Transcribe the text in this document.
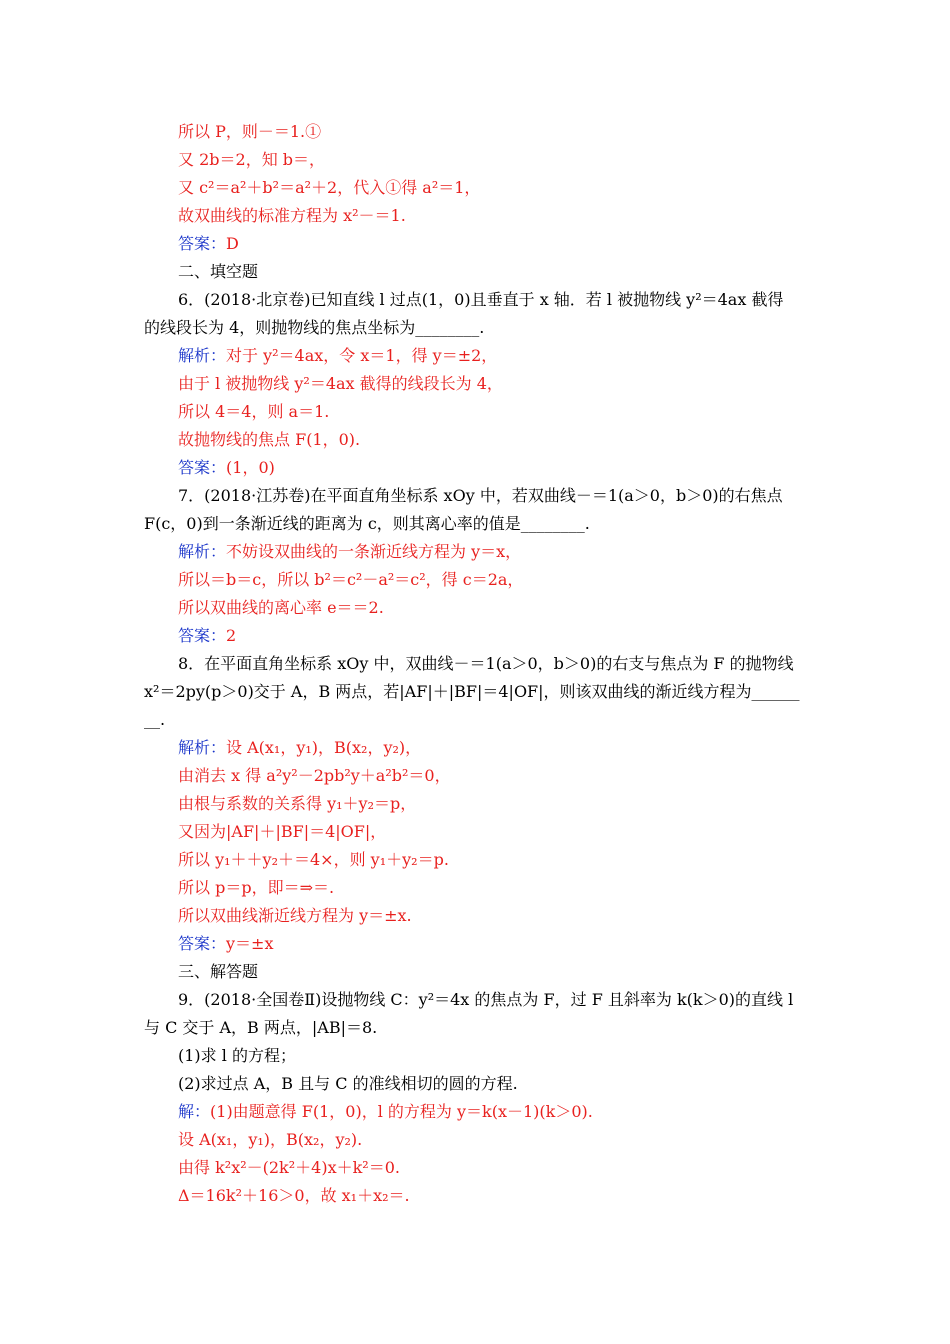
所以 P，则－＝1.①
又 2b＝2，知 b＝，
又 c²＝a²＋b²＝a²＋2，代入①得 a²＝1，
故双曲线的标准方程为 x²－＝1.
答案：D
二、填空题
6．(2018·北京卷)已知直线 l 过点(1，0)且垂直于 x 轴．若 l 被抛物线 y²＝4ax 截得
的线段长为 4，则抛物线的焦点坐标为________.
解析：对于 y²＝4ax，令 x＝1，得 y＝±2，
由于 l 被抛物线 y²＝4ax 截得的线段长为 4，
所以 4＝4，则 a＝1.
故抛物线的焦点 F(1，0).
答案：(1，0)
7．(2018·江苏卷)在平面直角坐标系 xOy 中，若双曲线－＝1(a＞0，b＞0)的右焦点
F(c，0)到一条渐近线的距离为 c，则其离心率的值是________.
解析：不妨设双曲线的一条渐近线方程为 y＝x，
所以＝b＝c，所以 b²＝c²－a²＝c²，得 c＝2a，
所以双曲线的离心率 e＝＝2.
答案：2
8．在平面直角坐标系 xOy 中，双曲线－＝1(a＞0，b＞0)的右支与焦点为 F 的抛物线
x²＝2py(p＞0)交于 A，B 两点，若|AF|＋|BF|＝4|OF|，则该双曲线的渐近线方程为______
__.
解析：设 A(x₁，y₁)，B(x₂，y₂)，
由消去 x 得 a²y²－2pb²y＋a²b²＝0，
由根与系数的关系得 y₁＋y₂＝p，
又因为|AF|＋|BF|＝4|OF|，
所以 y₁＋＋y₂＋＝4×，则 y₁＋y₂＝p.
所以 p＝p，即＝⇒＝.
所以双曲线渐近线方程为 y＝±x.
答案：y＝±x
三、解答题
9．(2018·全国卷Ⅱ)设抛物线 C：y²＝4x 的焦点为 F，过 F 且斜率为 k(k＞0)的直线 l
与 C 交于 A，B 两点，|AB|＝8.
(1)求 l 的方程；
(2)求过点 A，B 且与 C 的准线相切的圆的方程.
解：(1)由题意得 F(1，0)，l 的方程为 y＝k(x－1)(k＞0).
设 A(x₁，y₁)，B(x₂，y₂).
由得 k²x²－(2k²＋4)x＋k²＝0.
Δ＝16k²＋16＞0，故 x₁＋x₂＝.
